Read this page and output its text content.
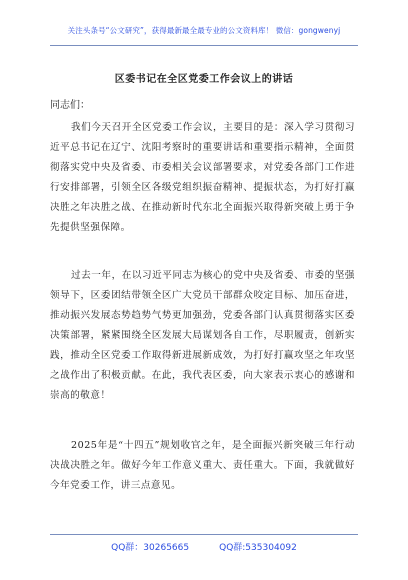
关注头条号“公文研究”，获得最新最全最专业的公文资料库！ 微信：gongwenyj
区委书记在全区党委工作会议上的讲话
同志们：
我们今天召开全区党委工作会议，主要目的是：深入学习贯彻习近平总书记在辽宁、沈阳考察时的重要讲话和重要指示精神，全面贯彻落实党中央及省委、市委相关会议部署要求，对党委各部门工作进行安排部署，引领全区各级党组织振奋精神、提振状态，为打好打赢决胜之年决胜之战、在推动新时代东北全面振兴取得新突破上勇于争先提供坚强保障。
过去一年，在以习近平同志为核心的党中央及省委、市委的坚强领导下，区委团结带领全区广大党员干部群众咬定目标、加压奋进，推动振兴发展态势趋势气势更加强劲，党委各部门认真贯彻落实区委决策部署，紧紧围绕全区发展大局谋划各自工作，尽职履责，创新实践，推动全区党委工作取得新进展新成效，为打好打赢攻坚之年攻坚之战作出了积极贡献。在此，我代表区委，向大家表示衷心的感谢和崇高的敬意！
2025年是“十四五”规划收官之年，是全面振兴新突破三年行动决战决胜之年。做好今年工作意义重大、责任重大。下面，我就做好今年党委工作，讲三点意见。
QQ群：30265665	QQ群:535304092
